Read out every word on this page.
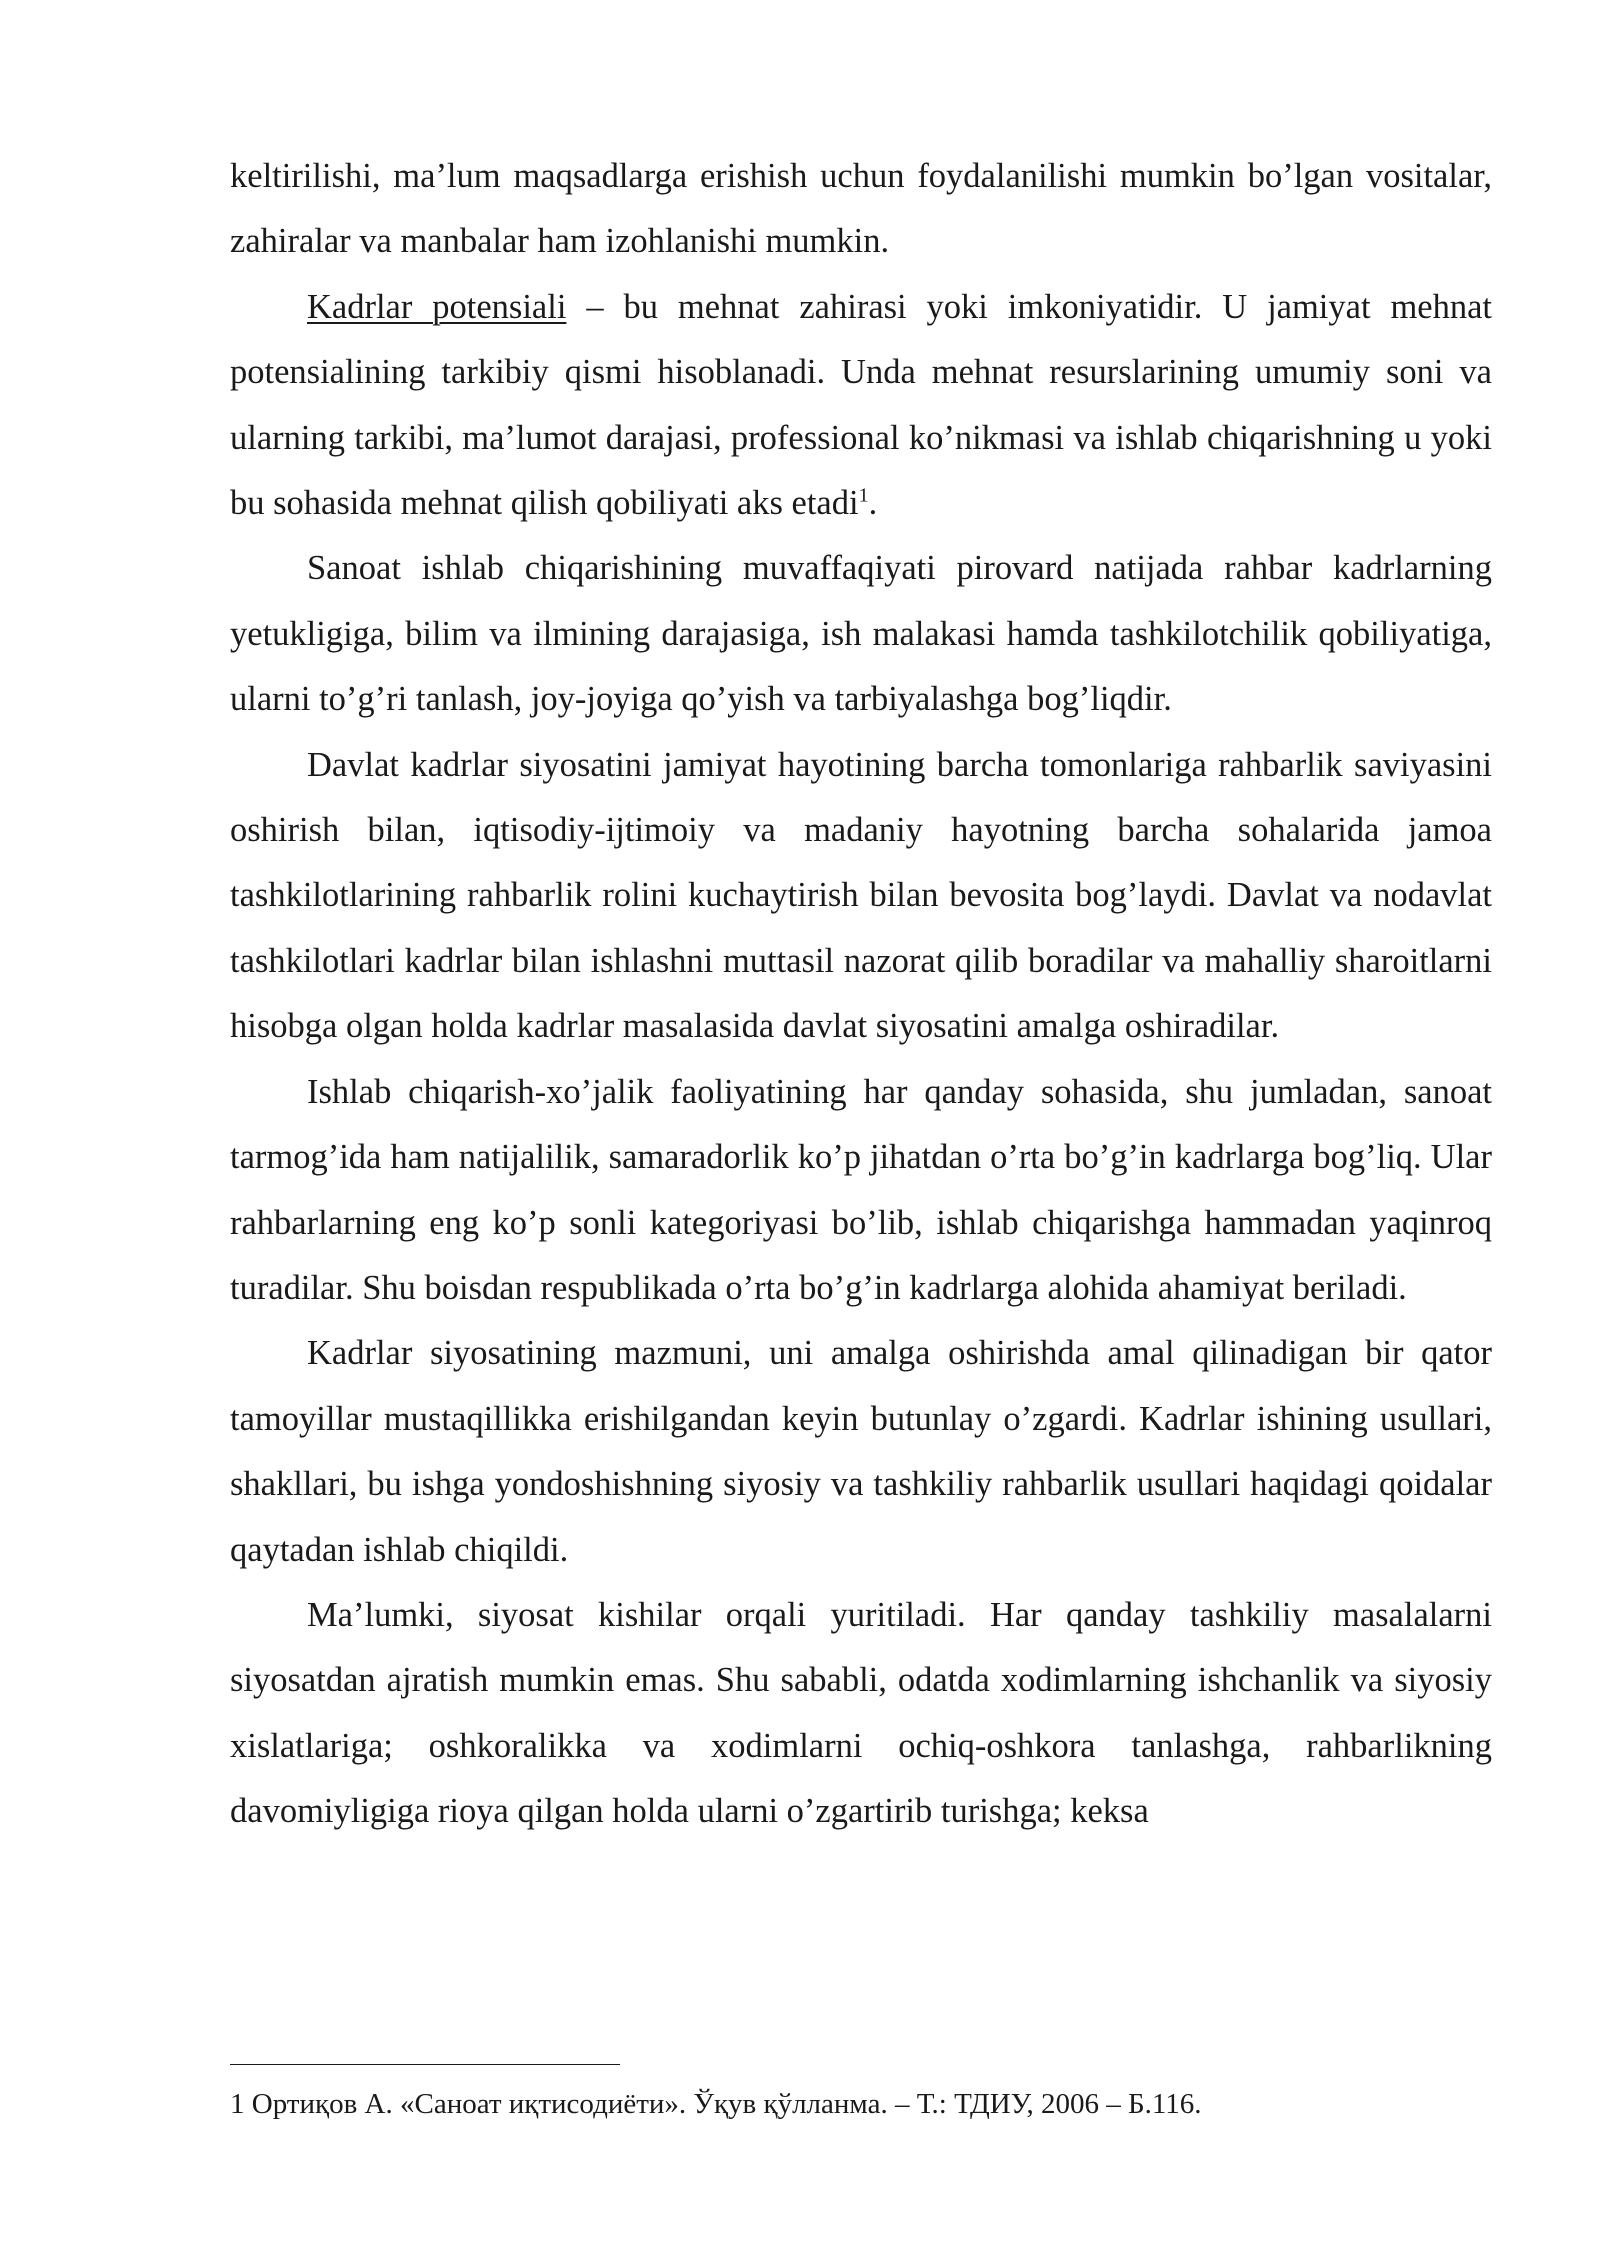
keltirilishi, ma’lum maqsadlarga erishish uchun foydalanilishi mumkin bo’lgan vositalar, zahiralar va manbalar ham izohlanishi mumkin.

Kadrlar potensiali – bu mehnat zahirasi yoki imkoniyatidir. U jamiyat mehnat potensialining tarkibiy qismi hisoblanadi. Unda mehnat resurslarining umumiy soni va ularning tarkibi, ma’lumot darajasi, professional ko’nikmasi va ishlab chiqarishning u yoki bu sohasida mehnat qilish qobiliyati aks etadi$^1$.

Sanoat ishlab chiqarishining muvaffaqiyati pirovard natijada rahbar kadrlarning yetukligiga, bilim va ilmining darajasiga, ish malakasi hamda tashkilotchilik qobiliyatiga, ularni to’g’ri tanlash, joy-joyiga qo’yish va tarbiyalashga bog’liqdir.

Davlat kadrlar siyosatini jamiyat hayotining barcha tomonlariga rahbarlik saviyasini oshirish bilan, iqtisodiy-ijtimoiy va madaniy hayotning barcha sohalarida jamoa tashkilotlarining rahbarlik rolini kuchaytirish bilan bevosita bog’laydi. Davlat va nodavlat tashkilotlari kadrlar bilan ishlashni muttasil nazorat qilib boradilar va mahalliy sharoitlarni hisobga olgan holda kadrlar masalasida davlat siyosatini amalga oshiradilar.

Ishlab chiqarish-xo’jalik faoliyatining har qanday sohasida, shu jumladan, sanoat tarmog’ida ham natijalilik, samaradorlik ko’p jihatdan o’rta bo’g’in kadrlarga bog’liq. Ular rahbarlarning eng ko’p sonli kategoriyasi bo’lib, ishlab chiqarishga hammadan yaqinroq turadilar. Shu boisdan respublikada o’rta bo’g’in kadrlarga alohida ahamiyat beriladi.

Kadrlar siyosatining mazmuni, uni amalga oshirishda amal qilinadigan bir qator tamoyillar mustaqillikka erishilgandan keyin butunlay o’zgardi. Kadrlar ishining usullari, shakllari, bu ishga yondoshishning siyosiy va tashkiliy rahbarlik usullari haqidagi qoidalar qaytadan ishlab chiqildi.

Ma’lumki, siyosat kishilar orqali yuritiladi. Har qanday tashkiliy masalalarni siyosatdan ajratish mumkin emas. Shu sababli, odatda xodimlarning ishchanlik va siyosiy xislatlariga; oshkoralikka va xodimlarni ochiq-oshkora tanlashga, rahbarlikning davomiyligiga rioya qilgan holda ularni o’zgartirib turishga; keksa

1 Ортиқов А. «Саноат иқтисодиёти». Ўқув қўлланма. – Т.: ТДИУ, 2006 – Б.116.
